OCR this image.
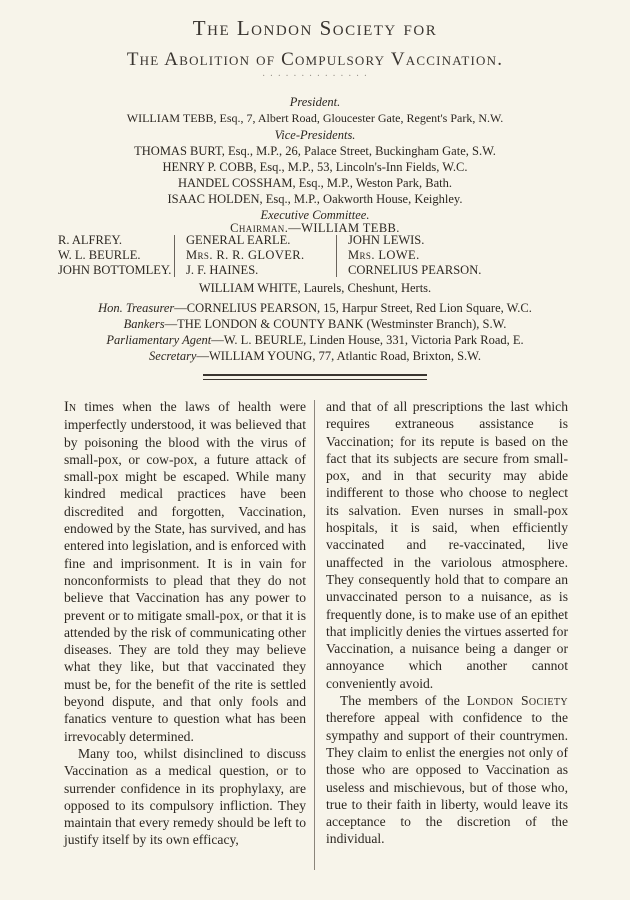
The London Society for
The Abolition of Compulsory Vaccination.
· · · · · · · · · · · · · ·
President.
WILLIAM TEBB, Esq., 7, Albert Road, Gloucester Gate, Regent's Park, N.W.
Vice-Presidents.
THOMAS BURT, Esq., M.P., 26, Palace Street, Buckingham Gate, S.W.
HENRY P. COBB, Esq., M.P., 53, Lincoln's-Inn Fields, W.C.
HANDEL COSSHAM, Esq., M.P., Weston Park, Bath.
ISAAC HOLDEN, Esq., M.P., Oakworth House, Keighley.
Executive Committee.
Chairman.—WILLIAM TEBB.
R. ALFREY.
W. L. BEURLE.
JOHN BOTTOMLEY.
GENERAL EARLE.
Mrs. R. R. GLOVER.
J. F. HAINES.
JOHN LEWIS.
Mrs. LOWE.
CORNELIUS PEARSON.
WILLIAM WHITE, Laurels, Cheshunt, Herts.
Hon. Treasurer—CORNELIUS PEARSON, 15, Harpur Street, Red Lion Square, W.C.
Bankers—THE LONDON & COUNTY BANK (Westminster Branch), S.W.
Parliamentary Agent—W. L. BEURLE, Linden House, 331, Victoria Park Road, E.
Secretary—WILLIAM YOUNG, 77, Atlantic Road, Brixton, S.W.

In times when the laws of health were imperfectly understood, it was believed that by poisoning the blood with the virus of small-pox, or cow-pox, a future attack of small-pox might be escaped. While many kindred medical practices have been discredited and forgotten, Vaccination, endowed by the State, has survived, and has entered into legislation, and is enforced with fine and imprisonment. It is in vain for nonconformists to plead that they do not believe that Vaccination has any power to prevent or to mitigate small-pox, or that it is attended by the risk of communicating other diseases. They are told they may believe what they like, but that vaccinated they must be, for the benefit of the rite is settled beyond dispute, and that only fools and fanatics venture to question what has been irrevocably determined.

Many too, whilst disinclined to discuss Vaccination as a medical question, or to surrender confidence in its prophylaxy, are opposed to its compulsory infliction. They maintain that every remedy should be left to justify itself by its own efficacy,

and that of all prescriptions the last which requires extraneous assistance is Vaccination; for its repute is based on the fact that its subjects are secure from small-pox, and in that security may abide indifferent to those who choose to neglect its salvation. Even nurses in small-pox hospitals, it is said, when efficiently vaccinated and re-vaccinated, live unaffected in the variolous atmosphere. They consequently hold that to compare an unvaccinated person to a nuisance, as is frequently done, is to make use of an epithet that implicitly denies the virtues asserted for Vaccination, a nuisance being a danger or annoyance which another cannot conveniently avoid.

The members of the London Society therefore appeal with confidence to the sympathy and support of their countrymen. They claim to enlist the energies not only of those who are opposed to Vaccination as useless and mischievous, but of those who, true to their faith in liberty, would leave its acceptance to the discretion of the individual.
